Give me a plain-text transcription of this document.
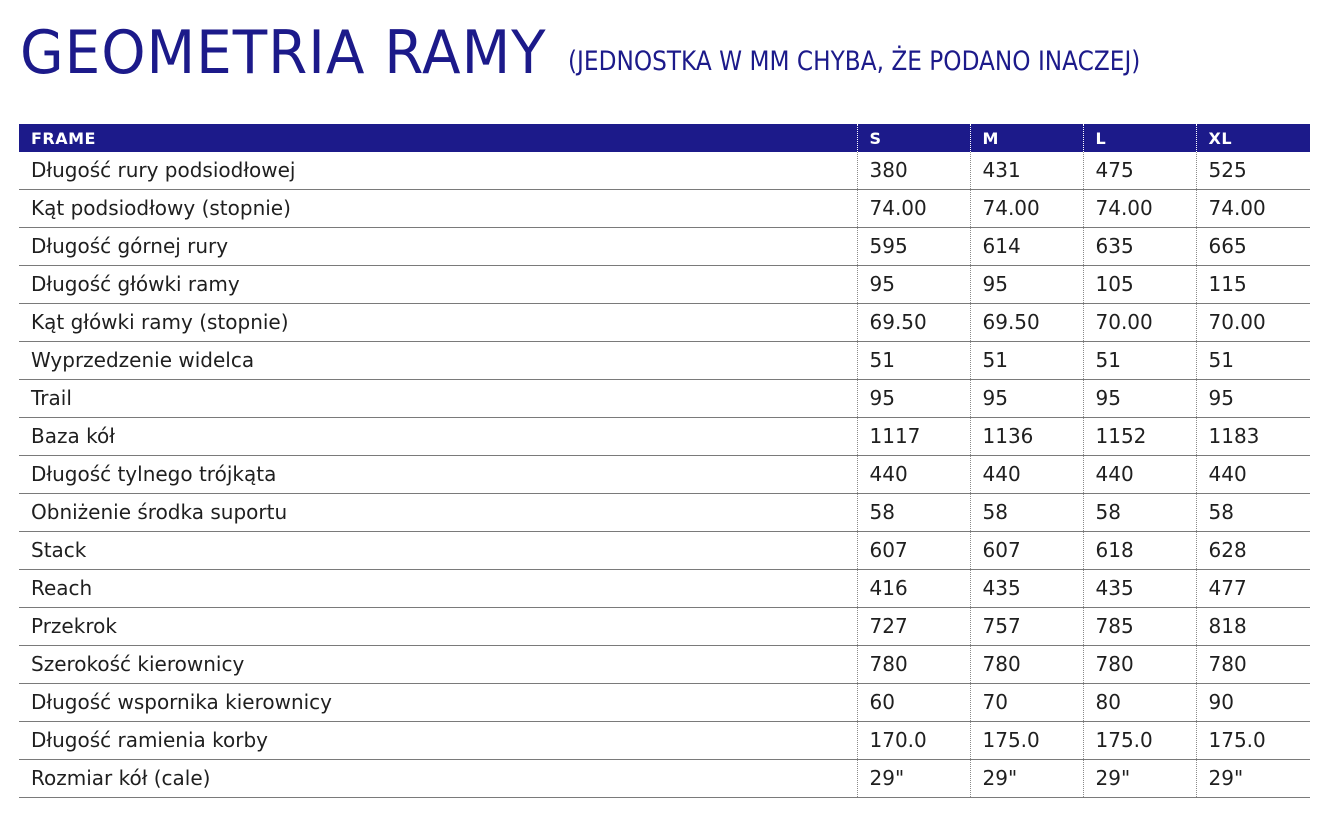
GEOMETRIA RAMY (JEDNOSTKA W MM CHYBA, ŻE PODANO INACZEJ)
FRAME	S	M	L	XL
Długość rury podsiodłowej	380	431	475	525
Kąt podsiodłowy (stopnie)	74.00	74.00	74.00	74.00
Długość górnej rury	595	614	635	665
Długość główki ramy	95	95	105	115
Kąt główki ramy (stopnie)	69.50	69.50	70.00	70.00
Wyprzedzenie widelca	51	51	51	51
Trail	95	95	95	95
Baza kół	1117	1136	1152	1183
Długość tylnego trójkąta	440	440	440	440
Obniżenie środka suportu	58	58	58	58
Stack	607	607	618	628
Reach	416	435	435	477
Przekrok	727	757	785	818
Szerokość kierownicy	780	780	780	780
Długość wspornika kierownicy	60	70	80	90
Długość ramienia korby	170.0	175.0	175.0	175.0
Rozmiar kół (cale)	29"	29"	29"	29"
